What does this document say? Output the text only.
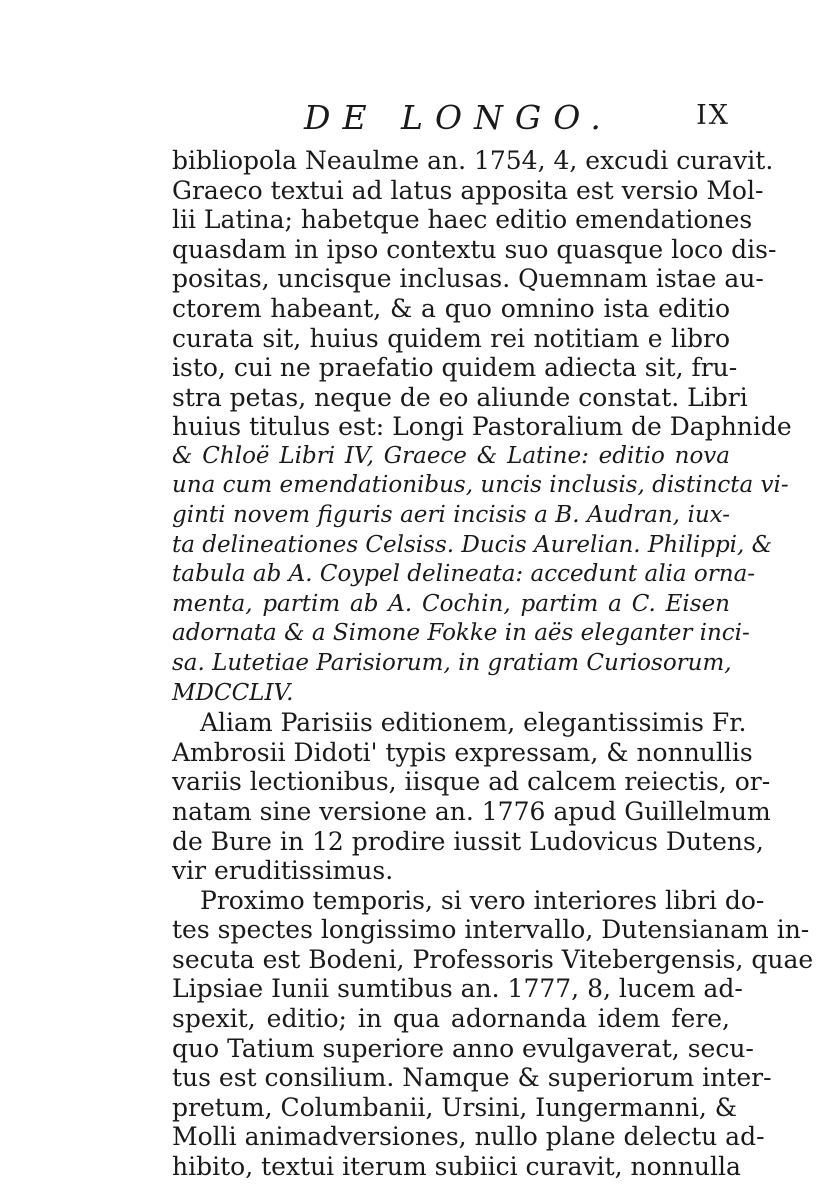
DE LONGO.	IX
bibliopola Neaulme an. 1754, 4, excudi curavit.
Graeco textui ad latus apposita est versio Mol-
lii Latina; habetque haec editio emendationes
quasdam in ipso contextu suo quasque loco dis-
positas, uncisque inclusas. Quemnam istae au-
ctorem habeant, & a quo omnino ista editio
curata sit, huius quidem rei notitiam e libro
isto, cui ne praefatio quidem adiecta sit, fru-
stra petas, neque de eo aliunde constat. Libri
huius titulus est: Longi Pastoralium de Daphnide
& Chloë Libri IV, Graece & Latine: editio nova
una cum emendationibus, uncis inclusis, distincta vi-
ginti novem figuris aeri incisis a B. Audran, iux-
ta delineationes Celsiss. Ducis Aurelian. Philippi, &
tabula ab A. Coypel delineata: accedunt alia orna-
menta, partim ab A. Cochin, partim a C. Eisen
adornata & a Simone Fokke in aës eleganter inci-
sa. Lutetiae Parisiorum, in gratiam Curiosorum,
MDCCLIV.
Aliam Parisiis editionem, elegantissimis Fr.
Ambrosii Didoti' typis expressam, & nonnullis
variis lectionibus, iisque ad calcem reiectis, or-
natam sine versione an. 1776 apud Guillelmum
de Bure in 12 prodire iussit Ludovicus Dutens,
vir eruditissimus.
Proximo temporis, si vero interiores libri do-
tes spectes longissimo intervallo, Dutensianam in-
secuta est Bodeni, Professoris Vitebergensis, quae
Lipsiae Iunii sumtibus an. 1777, 8, lucem ad-
spexit, editio; in qua adornanda idem fere,
quo Tatium superiore anno evulgaverat, secu-
tus est consilium. Namque & superiorum inter-
pretum, Columbanii, Ursini, Iungermanni, &
Molli animadversiones, nullo plane delectu ad-
hibito, textui iterum subiici curavit, nonnulla
